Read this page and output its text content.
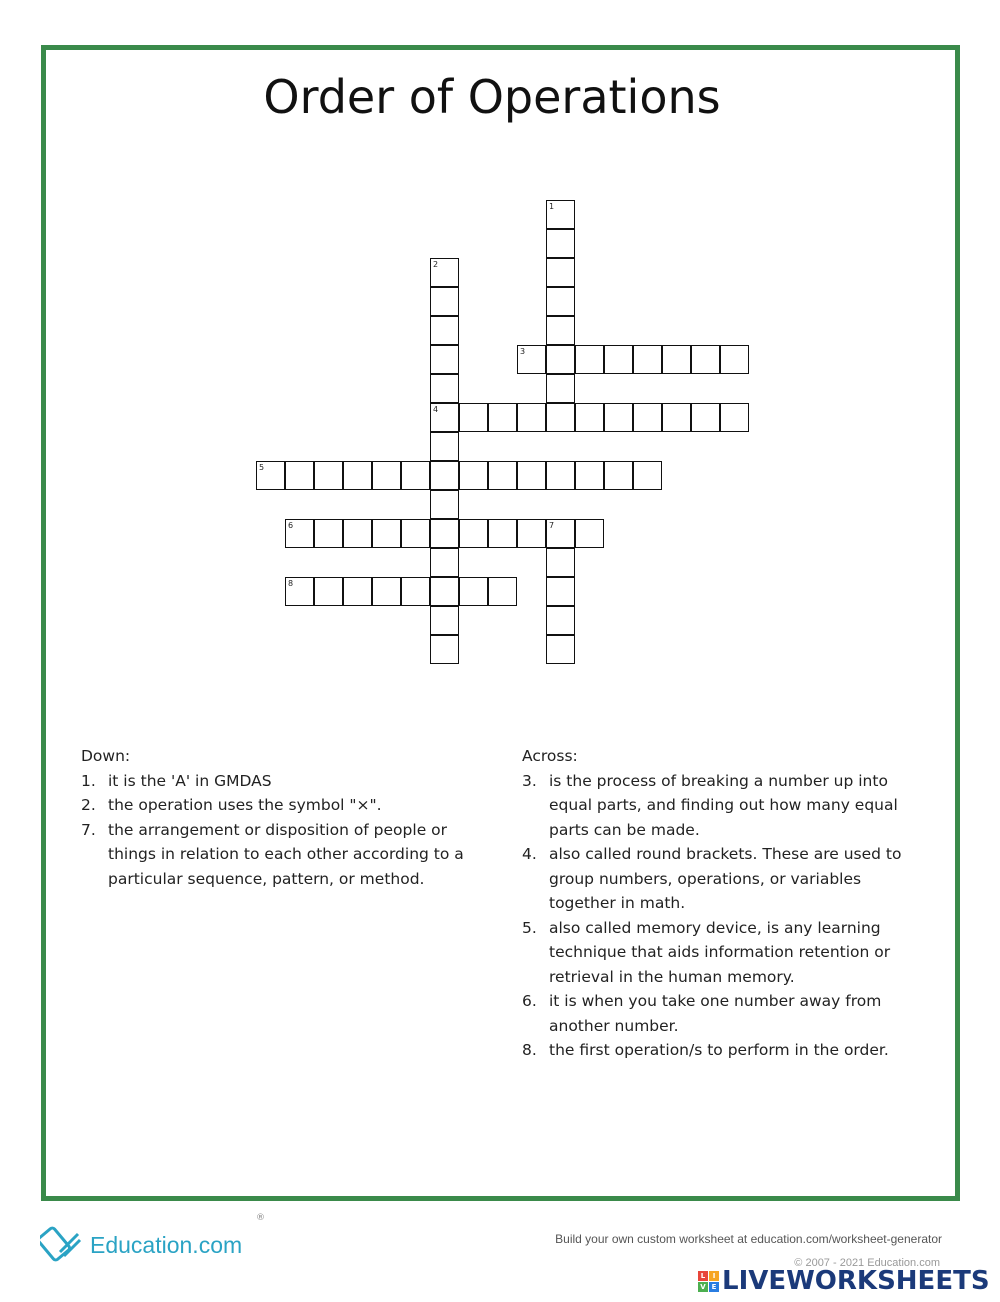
Order of Operations
1
2
4
3
5
6	7
8
Down:
1. it is the 'A' in GMDAS
2. the operation uses the symbol "×".
7. the arrangement or disposition of people or things in relation to each other according to a particular sequence, pattern, or method.
Across:
3. is the process of breaking a number up into equal parts, and finding out how many equal parts can be made.
4. also called round brackets. These are used to group numbers, operations, or variables together in math.
5. also called memory device, is any learning technique that aids information retention or retrieval in the human memory.
6. it is when you take one number away from another number.
8. the first operation/s to perform in the order.
Education.com
®
Build your own custom worksheet at education.com/worksheet-generator
© 2007 - 2021 Education.com
L	I
V E LIVEWORKSHEETS
